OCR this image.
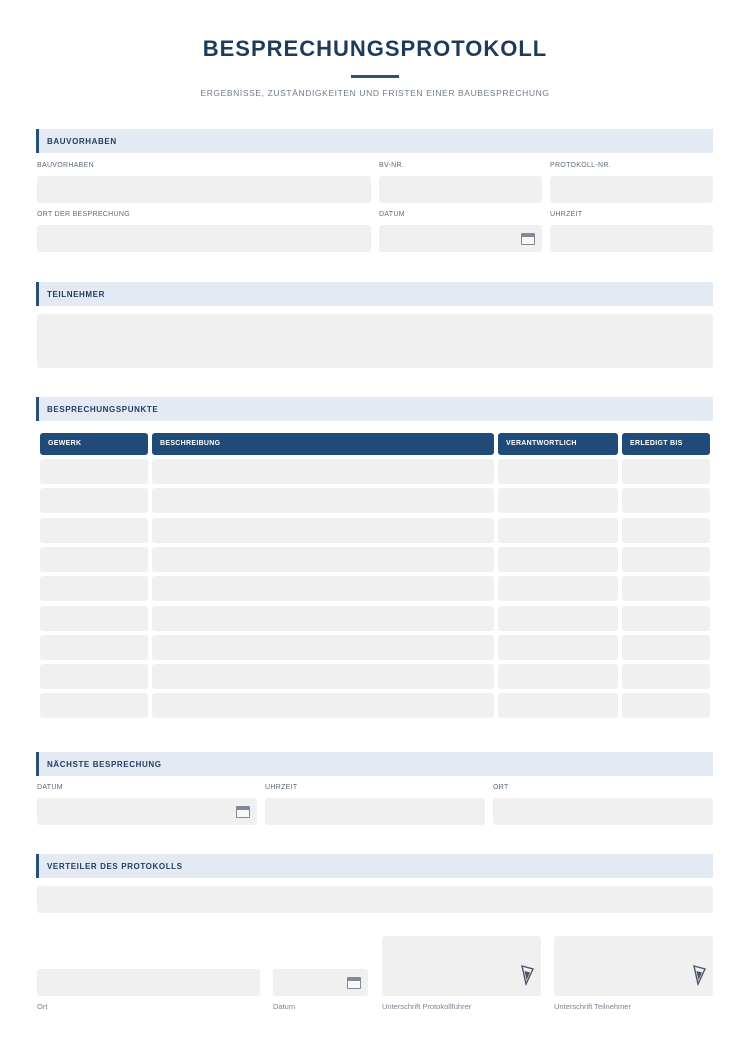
BESPRECHUNGSPROTOKOLL
ERGEBNISSE, ZUSTÄNDIGKEITEN UND FRISTEN EINER BAUBESPRECHUNG
BAUVORHABEN
BAUVORHABEN	BV-NR.	PROTOKOLL-NR.
ORT DER BESPRECHUNG	DATUM	UHRZEIT
TEILNEHMER
BESPRECHUNGSPUNKTE
GEWERK	BESCHREIBUNG	VERANTWORTLICH	ERLEDIGT BIS
NÄCHSTE BESPRECHUNG
DATUM	UHRZEIT	ORT
VERTEILER DES PROTOKOLLS
Ort	Datum	Unterschrift Protokollführer	Unterschrift Teilnehmer
